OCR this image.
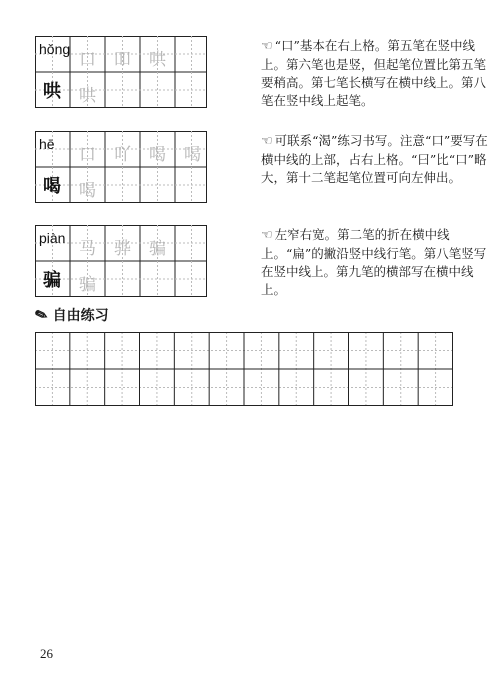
hǒng
哄
口 吅 哄
哄
☜ “口”基本在右上格。第五笔在竖中线上。第六笔也是竖，但起笔位置比第五笔要稍高。第七笔长横写在横中线上。第八笔在竖中线上起笔。
hē
喝
口 吖 喝 喝
喝
☜ 可联系“渴”练习书写。注意“口”要写在横中线的上部，占右上格。“曰”比“口”略大，第十二笔起笔位置可向左伸出。
piàn
骗
马 骅 骗
骗
☜ 左窄右宽。第二笔的折在横中线上。“扁”的撇沿竖中线行笔。第八笔竖写在竖中线上。第九笔的横部写在横中线上。
✎ 自由练习
26
